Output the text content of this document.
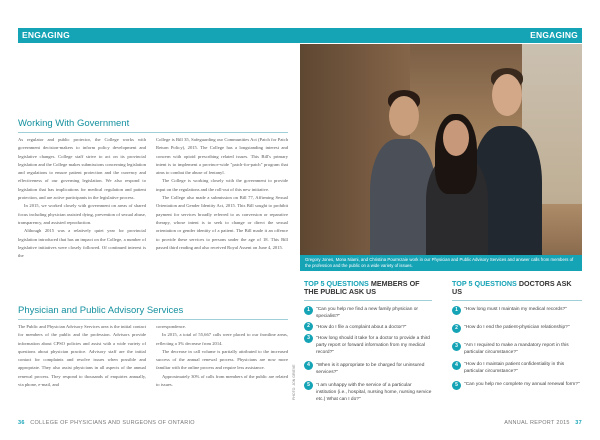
ENGAGING	ENGAGING
Working With Government

As regulator and public protector, the College works with government decision-makers to inform policy development and legislative changes. College staff strive to act on its provincial legislation and the College makes submissions concerning legislation and regulations to ensure patient protection and the currency and effectiveness of our governing legislation. We also respond to legislation that has implications for medical regulation and patient protection, and are active participants in the legislative process.

In 2015, we worked closely with government on areas of shared focus including physician assisted dying, prevention of sexual abuse, transparency, and assisted reproduction.

Although 2015 was a relatively quiet year for provincial legislation introduced that has an impact on the College, a number of legislative initiatives were closely followed. Of continued interest is the

College is Bill 35, Safeguarding our Communities Act (Patch for Patch Return Policy), 2015. The College has a longstanding interest and concern with opioid prescribing related issues. This Bill's primary intent is to implement a province-wide "patch-for-patch" program that aims to combat the abuse of fentanyl.

The College is working closely with the government to provide input on the regulations and the roll-out of this new initiative.

The College also made a submission on Bill 77, Affirming Sexual Orientation and Gender Identity Act, 2015. This Bill sought to prohibit payment for services broadly referred to as conversion or reparative therapy, whose intent is to seek to change or direct the sexual orientation or gender identity of a patient. The Bill made it an offence to provide these services to persons under the age of 18. This Bill passed third reading and also received Royal Assent on June 4, 2015.

Physician and Public Advisory Services

The Public and Physician Advisory Services area is the initial contact for members of the public and the profession. Advisors provide information about CPSO policies and assist with a wide variety of questions about physician practice. Advisory staff are the initial contact for complaints and resolve issues when possible and appropriate. They also assist physicians in all aspects of the annual renewal process. They respond to thousands of enquiries annually, via phone, e-mail, and

correspondence.

In 2015, a total of 55,667 calls were placed to our frontline areas, reflecting a 3% decrease from 2014.

The decrease in call volume is partially attributed to the increased success of the annual renewal process. Physicians are now more familiar with the online process and require less assistance.

Approximately 30% of calls from members of the public are related to issues.

Gregory Jones, Mona Niami, and Christina Pourrezaie work in our Physician and Public Advisory Services and answer calls from members of the profession and the public on a wide variety of issues.
PHOTO: JON GRIEVE
TOP 5 QUESTIONS MEMBERS OF THE PUBLIC ASK US
1	"Can you help me find a new family physician or specialist?"
2	"How do I file a complaint about a doctor?"
3	"How long should it take for a doctor to provide a third party report or forward information from my medical record?"
4	"When is it appropriate to be charged for uninsured services?"
5	"I am unhappy with the service of a particular institution (i.e., hospital, nursing home, nursing service etc.) What can I do?"
TOP 5 QUESTIONS DOCTORS ASK US
1	"How long must I maintain my medical records?"
2	"How do I end the patient-physician relationship?"
3	"Am I required to make a mandatory report in this particular circumstance?"
4	"How do I maintain patient confidentiality in this particular circumstance?"
5	"Can you help me complete my annual renewal form?"
36 COLLEGE OF PHYSICIANS AND SURGEONS OF ONTARIO	ANNUAL REPORT 2015 37
